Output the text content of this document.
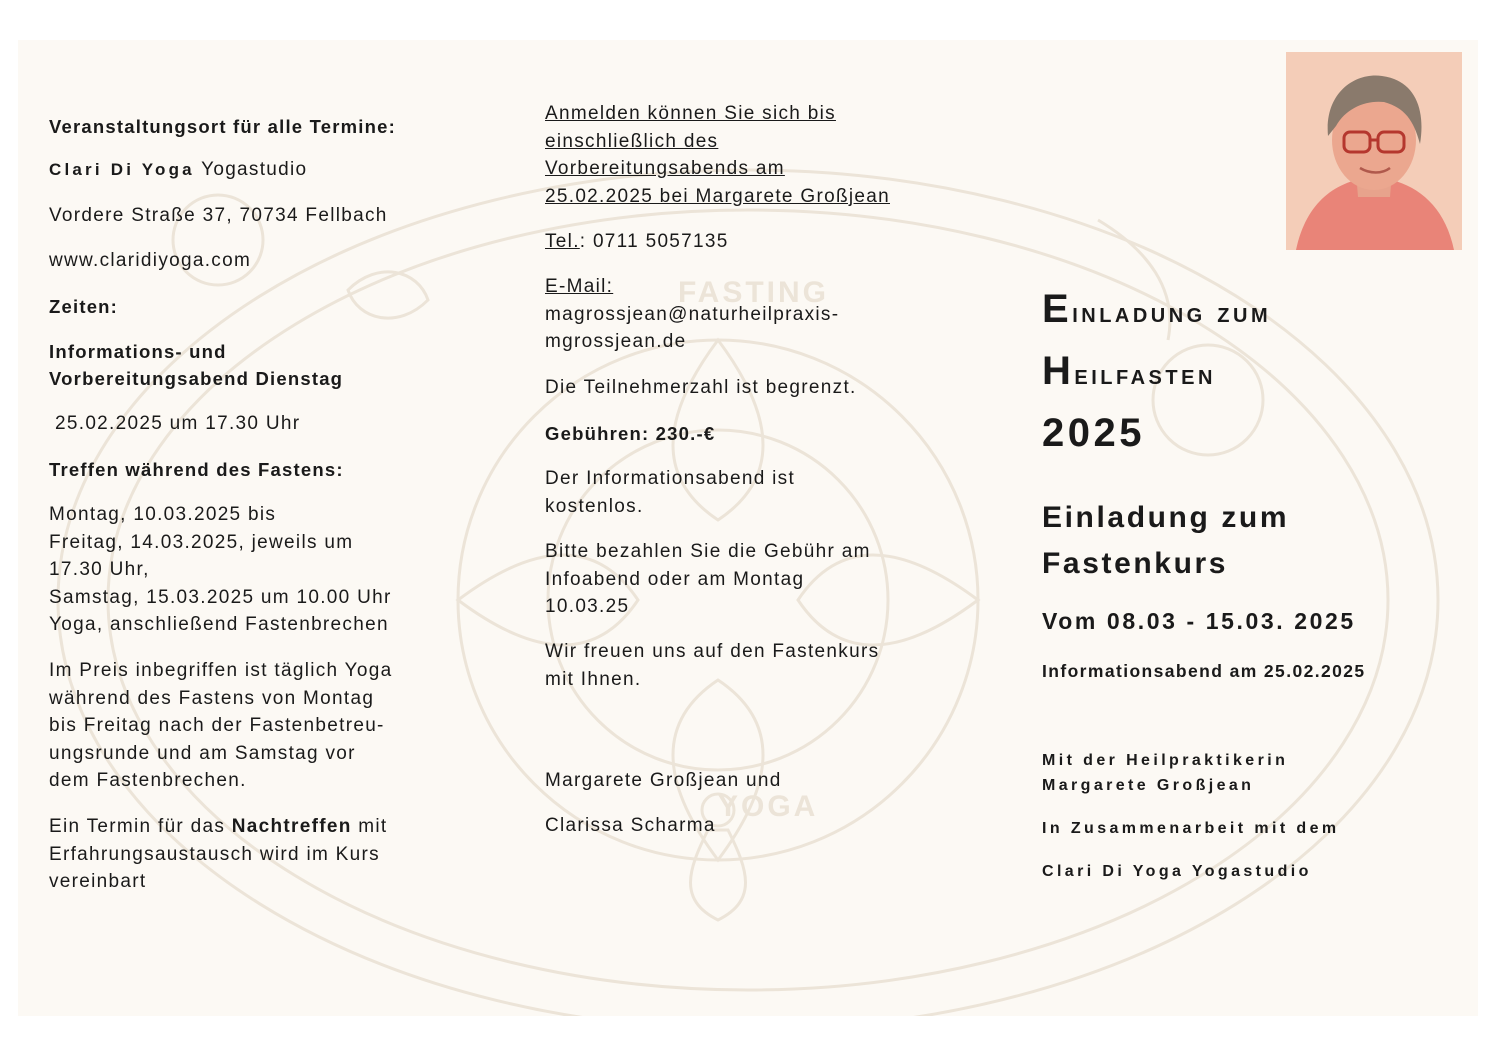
FASTING
YOGA

Veranstaltungsort für alle Termine:

Clari Di Yoga Yogastudio

Vordere Straße 37, 70734 Fellbach

www.claridiyoga.com

Zeiten:

Informations- und

Vorbereitungsabend Dienstag

25.02.2025 um 17.30 Uhr

Treffen während des Fastens:

Montag, 10.03.2025 bis

Freitag, 14.03.2025, jeweils um

17.30 Uhr,

Samstag, 15.03.2025 um 10.00 Uhr

Yoga, anschließend Fastenbrechen

Im Preis inbegriffen ist täglich Yoga

während des Fastens von Montag

bis Freitag nach der Fastenbetreu-

ungsrunde und am Samstag vor

dem Fastenbrechen.

Ein Termin für das Nachtreffen mit

Erfahrungsaustausch wird im Kurs

vereinbart

Anmelden können Sie sich bis

einschließlich des

Vorbereitungsabends am

25.02.2025 bei Margarete Großjean

Tel.: 0711 5057135

E-Mail:

magrossjean@naturheilpraxis-

mgrossjean.de

Die Teilnehmerzahl ist begrenzt.

Gebühren: 230.-€

Der Informationsabend ist

kostenlos.

Bitte bezahlen Sie die Gebühr am

Infoabend oder am Montag

10.03.25

Wir freuen uns auf den Fastenkurs

mit Ihnen.

Margarete Großjean und

Clarissa Scharma

Einladung zum
Heilfasten
2025
Einladung zum
Fastenkurs
Vom 08.03 - 15.03. 2025
Informationsabend am 25.02.2025
Mit der Heilpraktikerin
Margarete Großjean
In Zusammenarbeit mit dem
Clari Di Yoga Yogastudio
